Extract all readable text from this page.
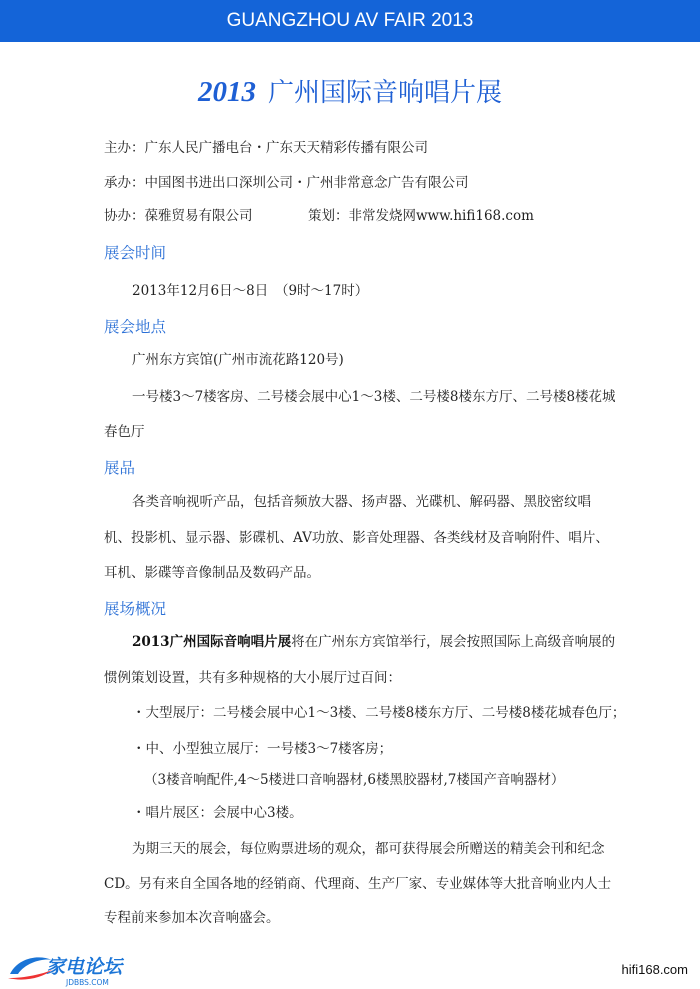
GUANGZHOU AV FAIR 2013
2013 广州国际音响唱片展
主办：广东人民广播电台・广东天天精彩传播有限公司
承办：中国图书进出口深圳公司・广州非常意念广告有限公司
协办：葆雅贸易有限公司	策划：非常发烧网www.hifi168.com
展会时间
2013年12月6日～8日　（9时～17时）
展会地点
广州东方宾馆(广州市流花路120号)
一号楼3～7楼客房、二号楼会展中心1～3楼、二号楼8楼东方厅、二号楼8楼花城
春色厅
展品
各类音响视听产品，包括音频放大器、扬声器、光碟机、解码器、黑胶密纹唱
机、投影机、显示器、影碟机、AV功放、影音处理器、各类线材及音响附件、唱片、
耳机、影碟等音像制品及数码产品。
展场概况
2013广州国际音响唱片展将在广州东方宾馆举行，展会按照国际上高级音响展的
惯例策划设置，共有多种规格的大小展厅过百间：
・大型展厅：二号楼会展中心1～3楼、二号楼8楼东方厅、二号楼8楼花城春色厅；
・中、小型独立展厅：一号楼3～7楼客房；
（3楼音响配件,4～5楼进口音响器材,6楼黑胶器材,7楼国产音响器材）
・唱片展区：会展中心3楼。
为期三天的展会，每位购票进场的观众，都可获得展会所赠送的精美会刊和纪念
CD。另有来自全国各地的经销商、代理商、生产厂家、专业媒体等大批音响业内人士
专程前来参加本次音响盛会。
家电论坛
JDBBS.COM
hifi168.com
